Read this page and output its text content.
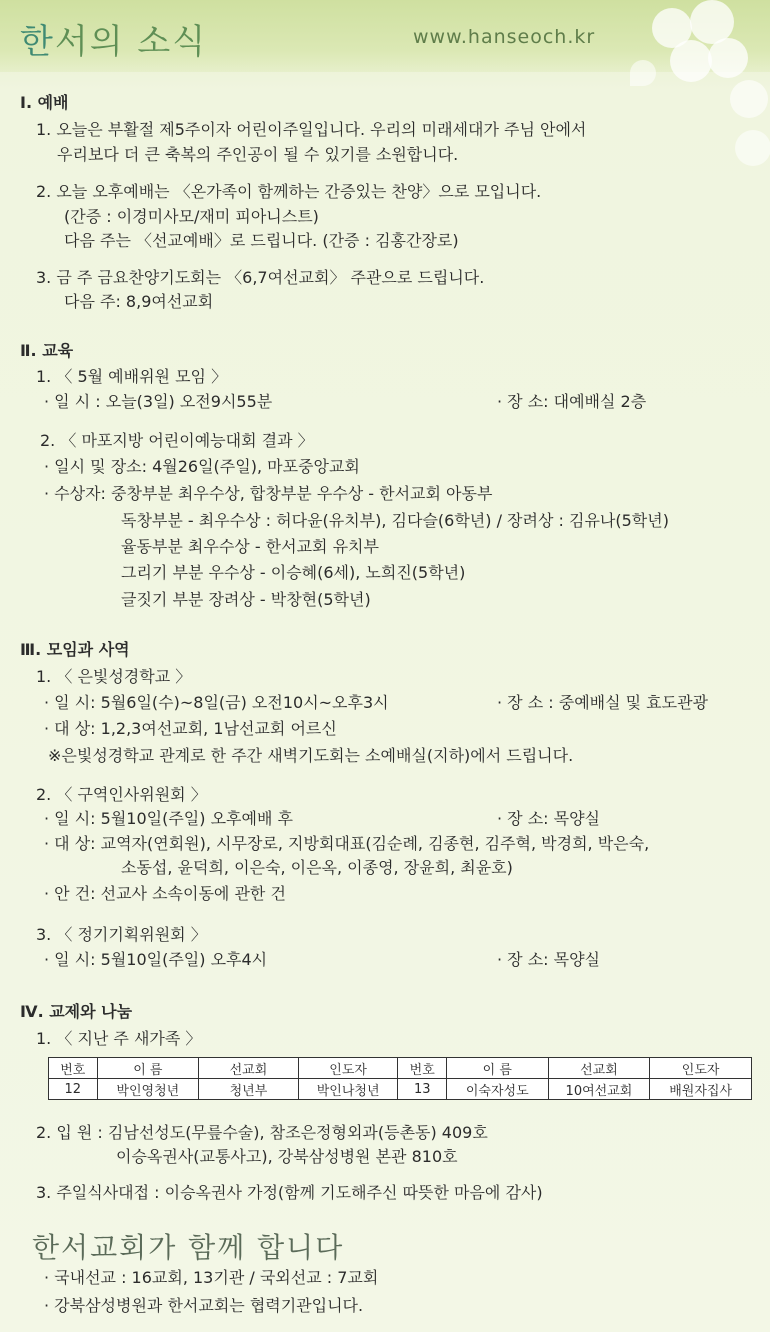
한서의 소식	www.hanseoch.kr
Ⅰ. 예배
1. 오늘은 부활절 제5주이자 어린이주일입니다. 우리의 미래세대가 주님 안에서
우리보다 더 큰 축복의 주인공이 될 수 있기를 소원합니다.
2. 오늘 오후예배는 〈온가족이 함께하는 간증있는 찬양〉으로 모입니다.
(간증 : 이경미사모/재미 피아니스트)
다음 주는 〈선교예배〉로 드립니다. (간증 : 김홍간장로)
3. 금 주 금요찬양기도회는 〈6,7여선교회〉 주관으로 드립니다.
다음 주: 8,9여선교회
Ⅱ. 교육
1. 〈 5월 예배위원 모임 〉
· 일 시 : 오늘(3일) 오전9시55분	· 장 소: 대예배실 2층
2. 〈 마포지방 어린이예능대회 결과 〉
· 일시 및 장소: 4월26일(주일), 마포중앙교회
· 수상자: 중창부분 최우수상, 합창부분 우수상 - 한서교회 아동부
독창부분 - 최우수상 : 허다윤(유치부), 김다슬(6학년) / 장려상 : 김유나(5학년)
율동부분 최우수상 - 한서교회 유치부
그리기 부분 우수상 - 이승혜(6세), 노희진(5학년)
글짓기 부분 장려상 - 박창현(5학년)
Ⅲ. 모임과 사역
1. 〈 은빛성경학교 〉
· 일 시: 5월6일(수)~8일(금) 오전10시~오후3시	· 장 소 : 중예배실 및 효도관광
· 대 상: 1,2,3여선교회, 1남선교회 어르신
※은빛성경학교 관계로 한 주간 새벽기도회는 소예배실(지하)에서 드립니다.
2. 〈 구역인사위원회 〉
· 일 시: 5월10일(주일) 오후예배 후	· 장 소: 목양실
· 대 상: 교역자(연회원), 시무장로, 지방회대표(김순례, 김종현, 김주혁, 박경희, 박은숙,
소동섭, 윤덕희, 이은숙, 이은옥, 이종영, 장윤희, 최윤호)
· 안 건: 선교사 소속이동에 관한 건
3. 〈 정기기획위원회 〉
· 일 시: 5월10일(주일) 오후4시	· 장 소: 목양실
Ⅳ. 교제와 나눔
1. 〈 지난 주 새가족 〉
번호	이 름	선교회	인도자	번호	이 름	선교회	인도자
12	박인영청년	청년부	박인나청년	13	이숙자성도	10여선교회	배원자집사
2. 입 원 : 김남선성도(무릎수술), 참조은정형외과(등촌동) 409호
이승옥권사(교통사고), 강북삼성병원 본관 810호
3. 주일식사대접 : 이승옥권사 가정(함께 기도해주신 따뜻한 마음에 감사)
한서교회가 함께 합니다
· 국내선교 : 16교회, 13기관 / 국외선교 : 7교회
· 강북삼성병원과 한서교회는 협력기관입니다.
